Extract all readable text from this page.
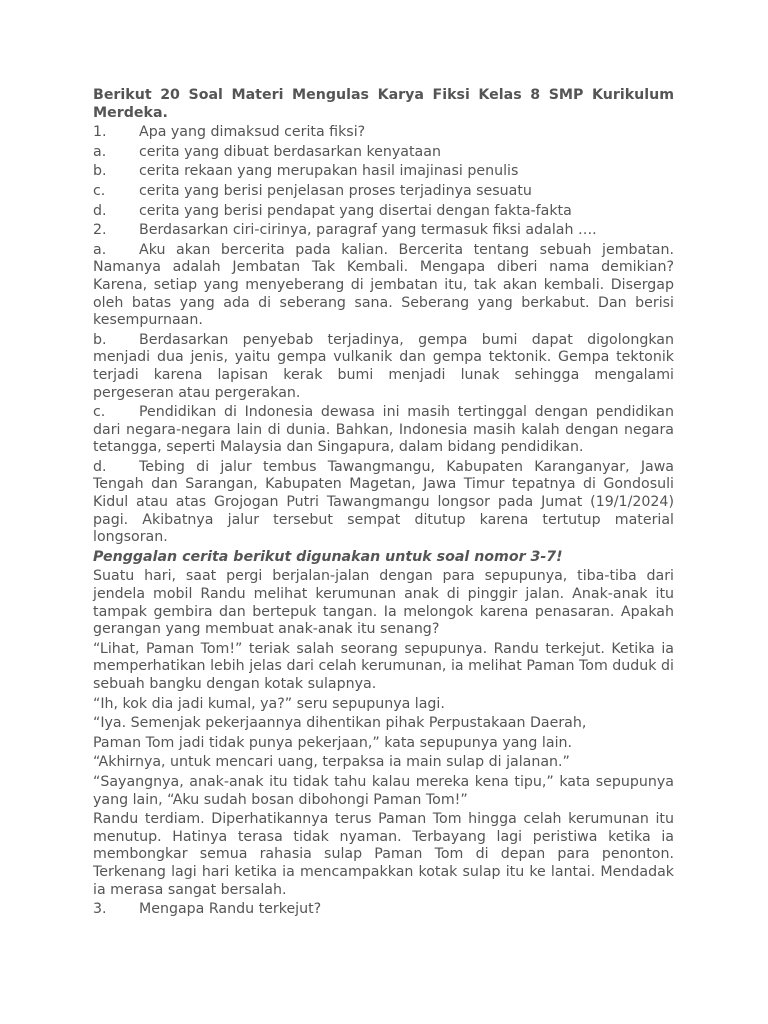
Berikut 20 Soal Materi Mengulas Karya Fiksi Kelas 8 SMP Kurikulum Merdeka.
1.	Apa yang dimaksud cerita fiksi?
a.	cerita yang dibuat berdasarkan kenyataan
b.	cerita rekaan yang merupakan hasil imajinasi penulis
c.	cerita yang berisi penjelasan proses terjadinya sesuatu
d.	cerita yang berisi pendapat yang disertai dengan fakta-fakta
2.	Berdasarkan ciri-cirinya, paragraf yang termasuk fiksi adalah ….
a. Aku akan bercerita pada kalian. Bercerita tentang sebuah jembatan. Namanya adalah Jembatan Tak Kembali. Mengapa diberi nama demikian? Karena, setiap yang menyeberang di jembatan itu, tak akan kembali. Disergap oleh batas yang ada di seberang sana. Seberang yang berkabut. Dan berisi kesempurnaan.
b. Berdasarkan penyebab terjadinya, gempa bumi dapat digolongkan menjadi dua jenis, yaitu gempa vulkanik dan gempa tektonik. Gempa tektonik terjadi karena lapisan kerak bumi menjadi lunak sehingga mengalami pergeseran atau pergerakan.
c. Pendidikan di Indonesia dewasa ini masih tertinggal dengan pendidikan dari negara-negara lain di dunia. Bahkan, Indonesia masih kalah dengan negara tetangga, seperti Malaysia dan Singapura, dalam bidang pendidikan.
d. Tebing di jalur tembus Tawangmangu, Kabupaten Karanganyar, Jawa Tengah dan Sarangan, Kabupaten Magetan, Jawa Timur tepatnya di Gondosuli Kidul atau atas Grojogan Putri Tawangmangu longsor pada Jumat (19/1/2024) pagi. Akibatnya jalur tersebut sempat ditutup karena tertutup material longsoran.
Penggalan cerita berikut digunakan untuk soal nomor 3-7!
Suatu hari, saat pergi berjalan-jalan dengan para sepupunya, tiba-tiba dari jendela mobil Randu melihat kerumunan anak di pinggir jalan. Anak-anak itu tampak gembira dan bertepuk tangan. Ia melongok karena penasaran. Apakah gerangan yang membuat anak-anak itu senang?
“Lihat, Paman Tom!” teriak salah seorang sepupunya. Randu terkejut. Ketika ia memperhatikan lebih jelas dari celah kerumunan, ia melihat Paman Tom duduk di sebuah bangku dengan kotak sulapnya.
“Ih, kok dia jadi kumal, ya?” seru sepupunya lagi.
“Iya. Semenjak pekerjaannya dihentikan pihak Perpustakaan Daerah,
Paman Tom jadi tidak punya pekerjaan,” kata sepupunya yang lain.
“Akhirnya, untuk mencari uang, terpaksa ia main sulap di jalanan.”
“Sayangnya, anak-anak itu tidak tahu kalau mereka kena tipu,” kata sepupunya yang lain, “Aku sudah bosan dibohongi Paman Tom!”
Randu terdiam. Diperhatikannya terus Paman Tom hingga celah kerumunan itu menutup. Hatinya terasa tidak nyaman. Terbayang lagi peristiwa ketika ia membongkar semua rahasia sulap Paman Tom di depan para penonton. Terkenang lagi hari ketika ia mencampakkan kotak sulap itu ke lantai. Mendadak ia merasa sangat bersalah.
3.	Mengapa Randu terkejut?
